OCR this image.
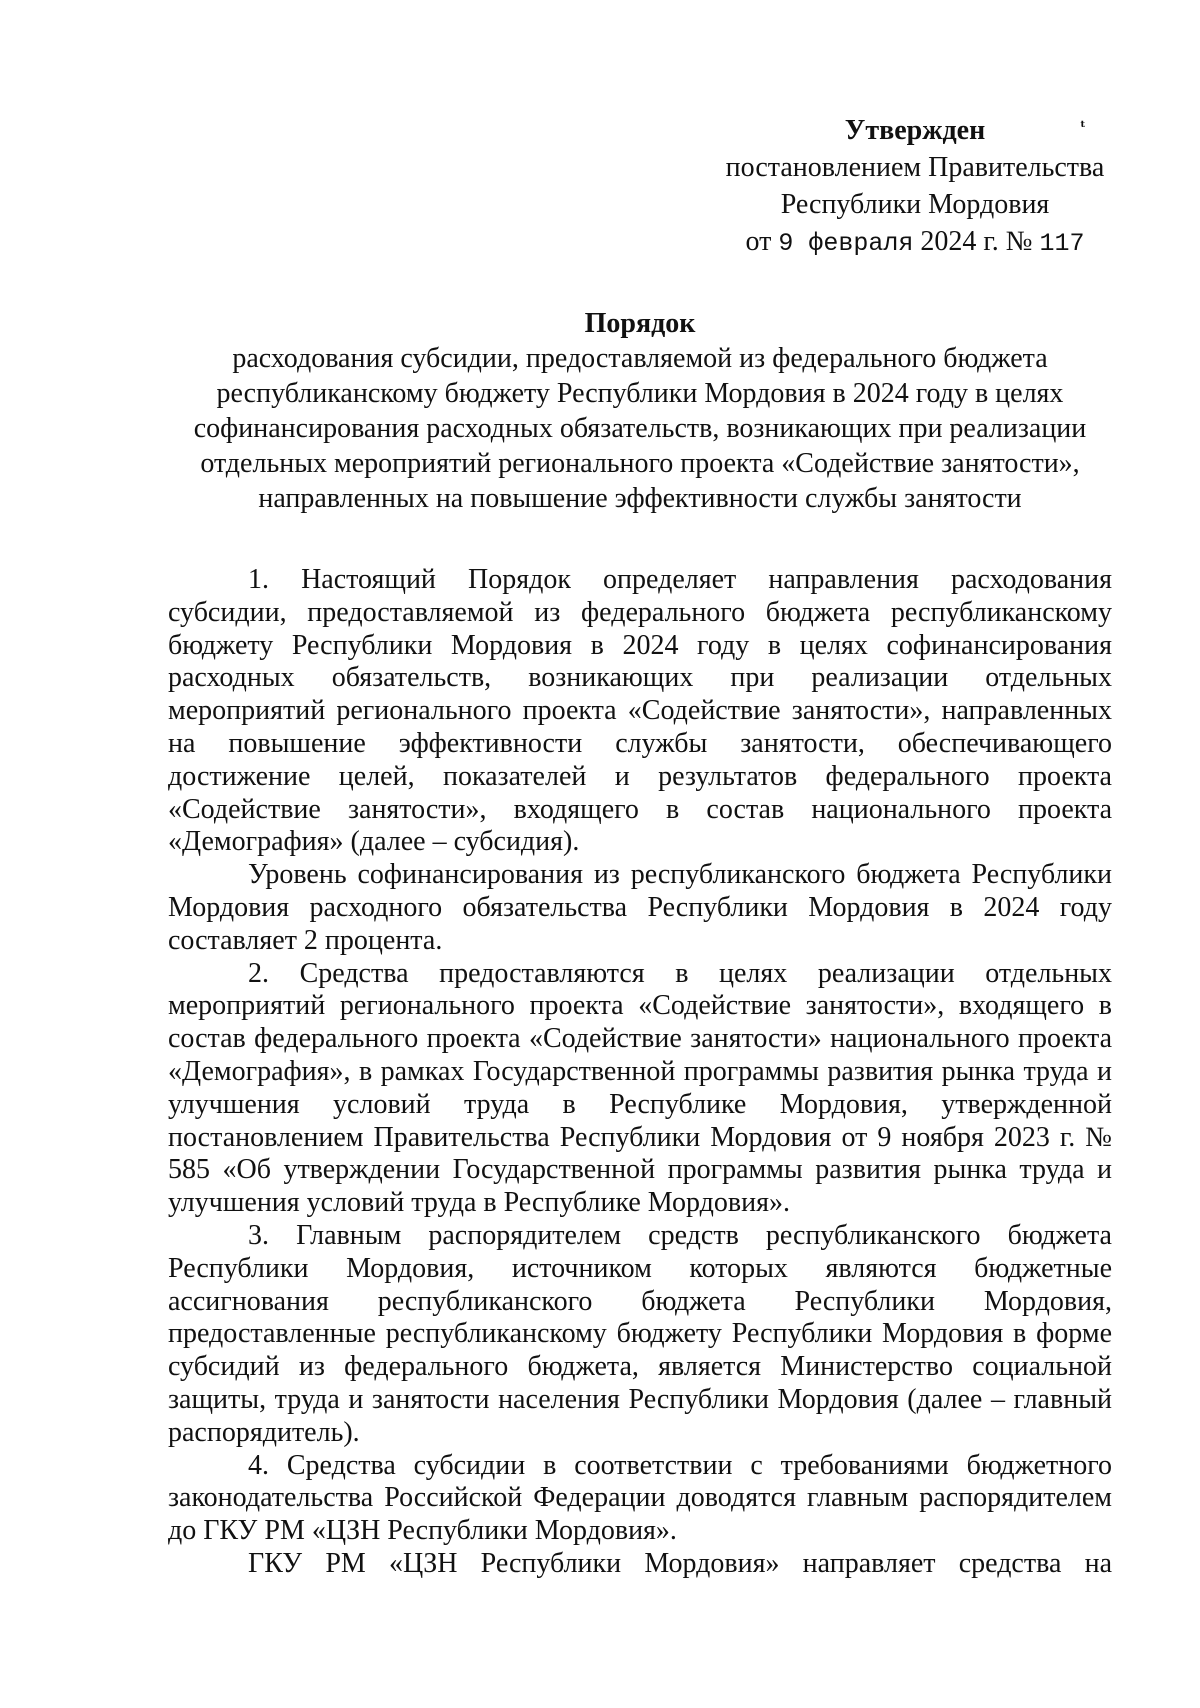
ₜ
Утвержден
постановлением Правительства
Республики Мордовия
от 9 февраля 2024 г. № 117
Порядок
расходования субсидии, предоставляемой из федерального бюджета
республиканскому бюджету Республики Мордовия в 2024 году в целях
софинансирования расходных обязательств, возникающих при реализации
отдельных мероприятий регионального проекта «Содействие занятости»,
направленных на повышение эффективности службы занятости

1. Настоящий Порядок определяет направления расходования субсидии, предоставляемой из федерального бюджета республиканскому бюджету Республики Мордовия в 2024 году в целях софинансирования расходных обязательств, возникающих при реализации отдельных мероприятий регионального проекта «Содействие занятости», направленных на повышение эффективности службы занятости, обеспечивающего достижение целей, показателей и результатов федерального проекта «Содействие занятости», входящего в состав национального проекта «Демография» (далее – субсидия).

Уровень софинансирования из республиканского бюджета Республики Мордовия расходного обязательства Республики Мордовия в 2024 году составляет 2 процента.

2. Средства предоставляются в целях реализации отдельных мероприятий регионального проекта «Содействие занятости», входящего в состав федерального проекта «Содействие занятости» национального проекта «Демография», в рамках Государственной программы развития рынка труда и улучшения условий труда в Республике Мордовия, утвержденной постановлением Правительства Республики Мордовия от 9 ноября 2023 г. № 585 «Об утверждении Государственной программы развития рынка труда и улучшения условий труда в Республике Мордовия».

3. Главным распорядителем средств республиканского бюджета Республики Мордовия, источником которых являются бюджетные ассигнования республиканского бюджета Республики Мордовия, предоставленные республиканскому бюджету Республики Мордовия в форме субсидий из федерального бюджета, является Министерство социальной защиты, труда и занятости населения Республики Мордовия (далее – главный распорядитель).

4. Средства субсидии в соответствии с требованиями бюджетного законодательства Российской Федерации доводятся главным распорядителем до ГКУ РМ «ЦЗН Республики Мордовия».

ГКУ РМ «ЦЗН Республики Мордовия» направляет средства на
